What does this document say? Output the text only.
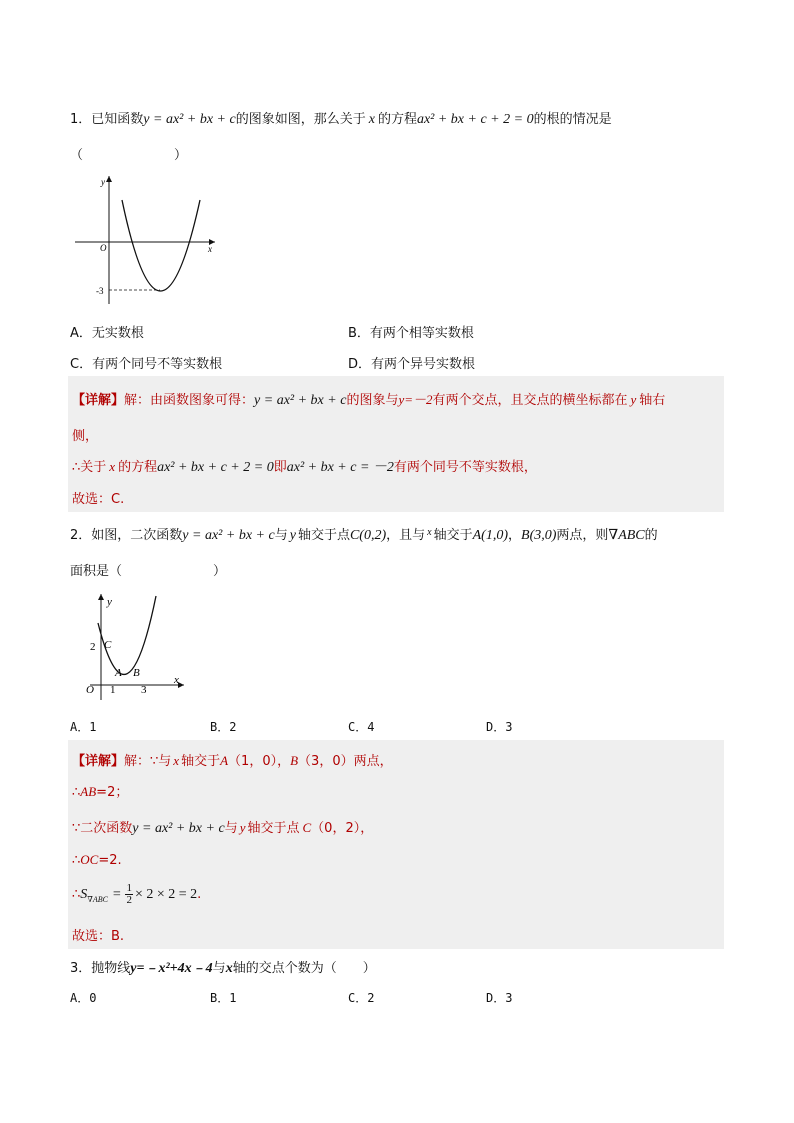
1．已知函数y = ax² + bx + c的图象如图，那么关于 x 的方程ax² + bx + c + 2 = 0的根的情况是
（　　　　　　　）
y
x
O
-3
A．无实数根	B．有两个相等实数根
C．有两个同号不等实数根	D．有两个异号实数根
【详解】解：由函数图象可得：y = ax² + bx + c的图象与y=－2有两个交点，且交点的横坐标都在 y 轴右
侧，
∴关于 x 的方程ax² + bx + c + 2 = 0即ax² + bx + c = －2有两个同号不等实数根，
故选：C.
2．如图，二次函数y = ax² + bx + c与 y 轴交于点C(0,2)，且与 $^x$ 轴交于A(1,0)，B(3,0)两点，则∇ABC的
面积是（　　　　　　　）
y
x
O
2 C
A B
1 3
A．1	B．2	C．4	D．3
【详解】解：∵与 x 轴交于A（1，0），B（3，0）两点，
∴AB=2；
∵二次函数y = ax² + bx + c与 y 轴交于点 C（0，2），
∴OC=2.
$\therefore S_{\nabla ABC} = \frac{1}{2} \times 2 \times 2 = 2$.
故选：B.
3．抛物线y=﹣x²+4x﹣4与x轴的交点个数为（　　）
A．0	B．1	C．2	D．3
